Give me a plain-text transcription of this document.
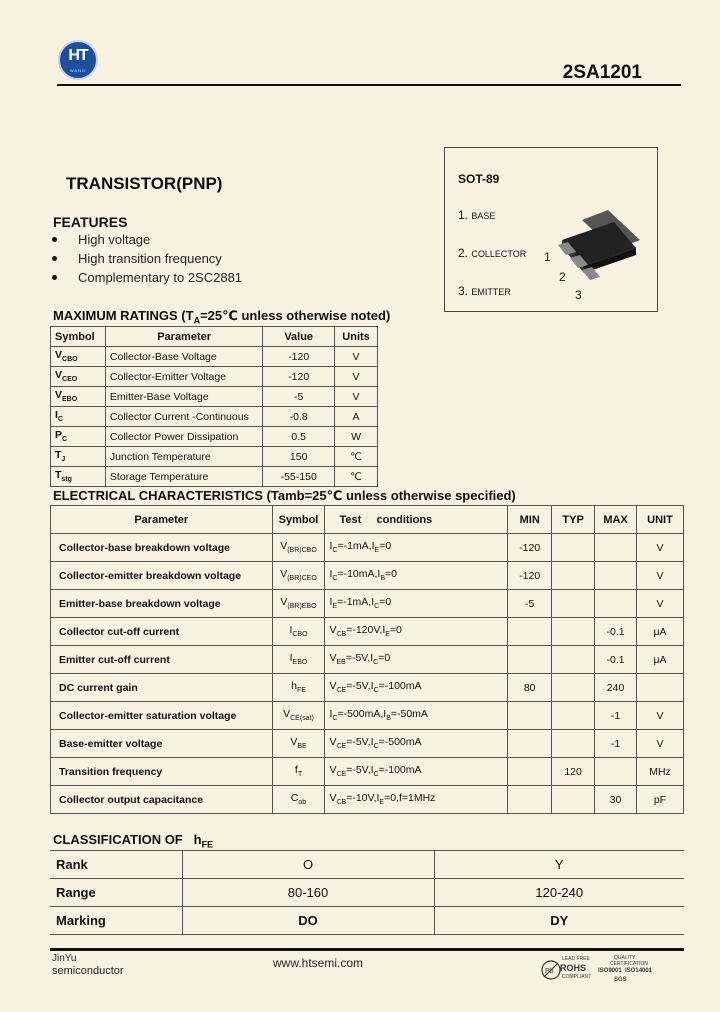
HT
WANG	2SA1201
TRANSISTOR(PNP)
FEATURES
High voltage
High transition frequency
Complementary to 2SC2881
SOT-89
1. BASE
2. COLLECTOR
3. EMITTER
1
2
3
MAXIMUM RATINGS ($T_A=25℃$ unless otherwise noted)
Symbol	Parameter	Value	Units
$V_{CBO}$	Collector-Base Voltage	-120	V
$V_{CEO}$	Collector-Emitter Voltage	-120	V
$V_{EBO}$	Emitter-Base Voltage	-5	V
$I_C$	Collector Current -Continuous	-0.8	A
$P_C$	Collector Power Dissipation	0.5	W
$T_J$	Junction Temperature	150	℃
$T_{stg}$	Storage Temperature	-55-150	℃
ELECTRICAL CHARACTERISTICS (Tamb=25℃ unless otherwise specified)
Parameter	Symbol	Test     conditions	MIN	TYP	MAX	UNIT
Collector-base breakdown voltage	$V_{(BR)CBO}$	$I_C=-1mA,I_E=0$	-120			V
Collector-emitter breakdown voltage	$V_{(BR)CEO}$	$I_C=-10mA,I_B=0$	-120			V
Emitter-base breakdown voltage	$V_{(BR)EBO}$	$I_E=-1mA,I_C=0$	-5			V
Collector cut-off current	$I_{CBO}$	$V_{CB}=-120V,I_E=0$			-0.1	μA
Emitter cut-off current	$I_{EBO}$	$V_{EB}=-5V,I_C=0$			-0.1	μA
DC current gain	$h_{FE}$	$V_{CE}=-5V,I_C=-100mA$	80		240	
Collector-emitter saturation voltage	$V_{CE(sat)}$	$I_C=-500mA,I_B=-50mA$			-1	V
Base-emitter voltage	$V_{BE}$	$V_{CE}=-5V,I_C=-500mA$			-1	V
Transition frequency	$f_T$	$V_{CE}=-5V,I_C=-100mA$		120		MHz
Collector output capacitance	$C_{ob}$	$V_{CB}=-10V,I_E=0,f=1MHz$			30	pF
CLASSIFICATION OF $h_{FE}$
Rank	O	Y
Range	80-160	120-240
Marking	DO	DY
JinYu
semiconductor
www.htsemi.com
Pb
LEAD FREE
ROHS
COMPLIANT
QUALITY
CERTIFICATION
ISO9001  ISO14001
SGS
